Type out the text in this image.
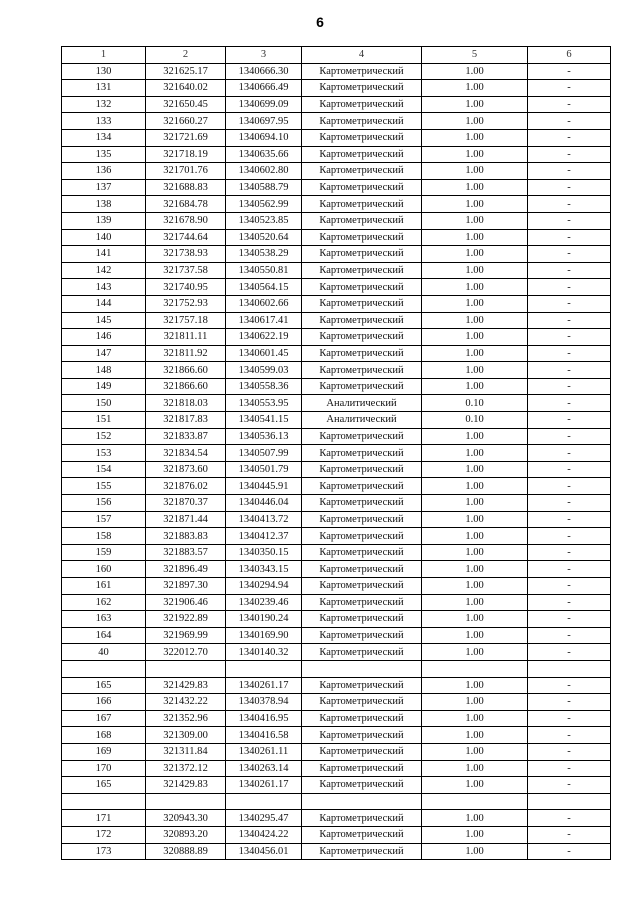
6
1	2	3	4	5	6
130	321625.17	1340666.30	Картометрический	1.00	-
131	321640.02	1340666.49	Картометрический	1.00	-
132	321650.45	1340699.09	Картометрический	1.00	-
133	321660.27	1340697.95	Картометрический	1.00	-
134	321721.69	1340694.10	Картометрический	1.00	-
135	321718.19	1340635.66	Картометрический	1.00	-
136	321701.76	1340602.80	Картометрический	1.00	-
137	321688.83	1340588.79	Картометрический	1.00	-
138	321684.78	1340562.99	Картометрический	1.00	-
139	321678.90	1340523.85	Картометрический	1.00	-
140	321744.64	1340520.64	Картометрический	1.00	-
141	321738.93	1340538.29	Картометрический	1.00	-
142	321737.58	1340550.81	Картометрический	1.00	-
143	321740.95	1340564.15	Картометрический	1.00	-
144	321752.93	1340602.66	Картометрический	1.00	-
145	321757.18	1340617.41	Картометрический	1.00	-
146	321811.11	1340622.19	Картометрический	1.00	-
147	321811.92	1340601.45	Картометрический	1.00	-
148	321866.60	1340599.03	Картометрический	1.00	-
149	321866.60	1340558.36	Картометрический	1.00	-
150	321818.03	1340553.95	Аналитический	0.10	-
151	321817.83	1340541.15	Аналитический	0.10	-
152	321833.87	1340536.13	Картометрический	1.00	-
153	321834.54	1340507.99	Картометрический	1.00	-
154	321873.60	1340501.79	Картометрический	1.00	-
155	321876.02	1340445.91	Картометрический	1.00	-
156	321870.37	1340446.04	Картометрический	1.00	-
157	321871.44	1340413.72	Картометрический	1.00	-
158	321883.83	1340412.37	Картометрический	1.00	-
159	321883.57	1340350.15	Картометрический	1.00	-
160	321896.49	1340343.15	Картометрический	1.00	-
161	321897.30	1340294.94	Картометрический	1.00	-
162	321906.46	1340239.46	Картометрический	1.00	-
163	321922.89	1340190.24	Картометрический	1.00	-
164	321969.99	1340169.90	Картометрический	1.00	-
40	322012.70	1340140.32	Картометрический	1.00	-

165	321429.83	1340261.17	Картометрический	1.00	-
166	321432.22	1340378.94	Картометрический	1.00	-
167	321352.96	1340416.95	Картометрический	1.00	-
168	321309.00	1340416.58	Картометрический	1.00	-
169	321311.84	1340261.11	Картометрический	1.00	-
170	321372.12	1340263.14	Картометрический	1.00	-
165	321429.83	1340261.17	Картометрический	1.00	-

171	320943.30	1340295.47	Картометрический	1.00	-
172	320893.20	1340424.22	Картометрический	1.00	-
173	320888.89	1340456.01	Картометрический	1.00	-
